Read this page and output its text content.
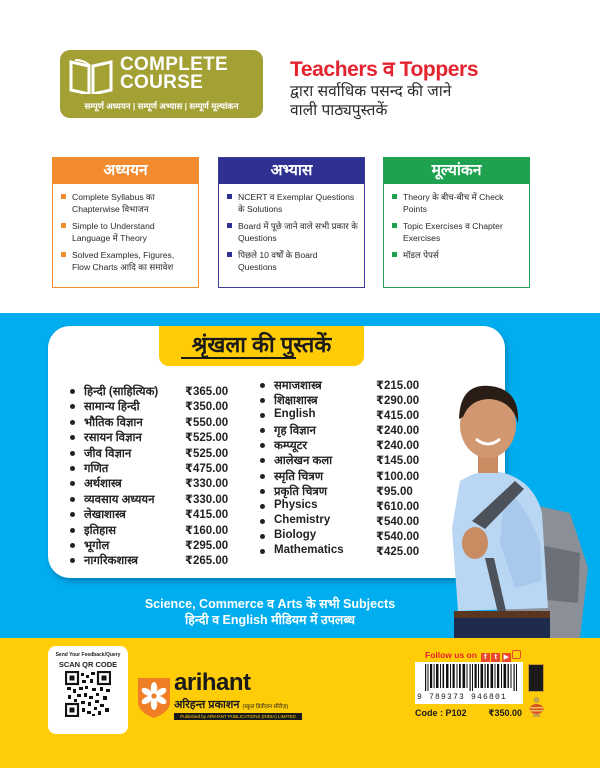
COMPLETE
COURSE
सम्पूर्ण अध्ययन | सम्पूर्ण अभ्यास | सम्पूर्ण मूल्यांकन
Teachers व Toppers
द्वारा सर्वाधिक पसन्द की जाने
वाली पाठ्यपुस्तकें
अध्ययन
Complete Syllabus का Chapterwise विभाजन
Simple to Understand Language में Theory
Solved Examples, Figures, Flow Charts आदि का समावेश
अभ्यास
NCERT व Exemplar Questions के Solutions
Board में पूछे जाने वाले सभी प्रकार के Questions
पिछले 10 वर्षों के Board Questions
मूल्यांकन
Theory के बीच-बीच में Check Points
Topic Exercises व Chapter Exercises
मॉडल पेपर्स
श्रृंखला की पुस्तकें
हिन्दी (साहित्यिक) ₹365.00
सामान्य हिन्दी	₹350.00
भौतिक विज्ञान	₹550.00
रसायन विज्ञान	₹525.00
जीव विज्ञान	₹525.00
गणित	₹475.00
अर्थशास्त्र	₹330.00
व्यवसाय अध्ययन	₹330.00
लेखाशास्त्र	₹415.00
इतिहास	₹160.00
भूगोल	₹295.00
नागरिकशास्त्र	₹265.00
समाजशास्त्र	₹215.00
शिक्षाशास्त्र	₹290.00
English	₹415.00
गृह विज्ञान	₹240.00
कम्प्यूटर	₹240.00
आलेखन कला	₹145.00
स्मृति चित्रण	₹100.00
प्रकृति चित्रण	₹95.00
Physics	₹610.00
Chemistry	₹540.00
Biology	₹540.00
Mathematics	₹425.00
Science, Commerce व Arts के सभी Subjects
हिन्दी व English मीडियम में उपलब्ध
Send Your Feedback/Query
SCAN QR CODE
arihant
अरिहन्त प्रकाशन (स्कूल डिवीज़न सीरीज़)
Published by ARIHANT PUBLICATIONS (INDIA) LIMITED
Follow us on f t ▶
9 789373 946801
Code : P102 ₹350.00
